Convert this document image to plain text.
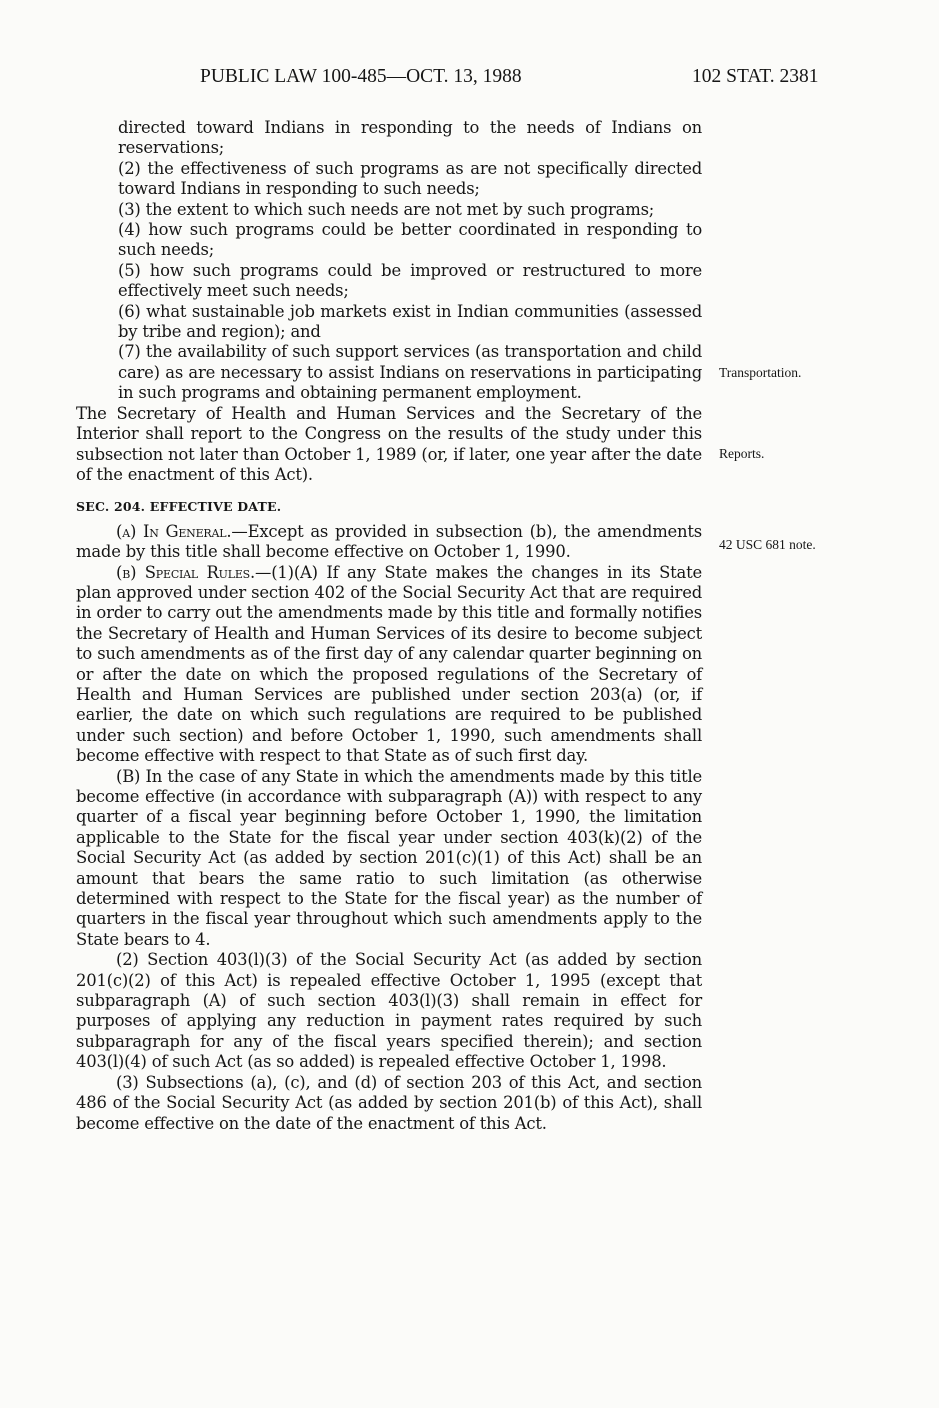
PUBLIC LAW 100-485—OCT. 13, 1988	102 STAT. 2381

directed toward Indians in responding to the needs of Indians on reservations;

(2) the effectiveness of such programs as are not specifically directed toward Indians in responding to such needs;

(3) the extent to which such needs are not met by such programs;

(4) how such programs could be better coordinated in responding to such needs;

(5) how such programs could be improved or restructured to more effectively meet such needs;

(6) what sustainable job markets exist in Indian communities (assessed by tribe and region); and

(7) the availability of such support services (as transportation and child care) as are necessary to assist Indians on reservations in participating in such programs and obtaining permanent employment.

The Secretary of Health and Human Services and the Secretary of the Interior shall report to the Congress on the results of the study under this subsection not later than October 1, 1989 (or, if later, one year after the date of the enactment of this Act).

SEC. 204. EFFECTIVE DATE.

(a) In General.—Except as provided in subsection (b), the amendments made by this title shall become effective on October 1, 1990.

(b) Special Rules.—(1)(A) If any State makes the changes in its State plan approved under section 402 of the Social Security Act that are required in order to carry out the amendments made by this title and formally notifies the Secretary of Health and Human Services of its desire to become subject to such amendments as of the first day of any calendar quarter beginning on or after the date on which the proposed regulations of the Secretary of Health and Human Services are published under section 203(a) (or, if earlier, the date on which such regulations are required to be published under such section) and before October 1, 1990, such amendments shall become effective with respect to that State as of such first day.

(B) In the case of any State in which the amendments made by this title become effective (in accordance with subparagraph (A)) with respect to any quarter of a fiscal year beginning before October 1, 1990, the limitation applicable to the State for the fiscal year under section 403(k)(2) of the Social Security Act (as added by section 201(c)(1) of this Act) shall be an amount that bears the same ratio to such limitation (as otherwise determined with respect to the State for the fiscal year) as the number of quarters in the fiscal year throughout which such amendments apply to the State bears to 4.

(2) Section 403(l)(3) of the Social Security Act (as added by section 201(c)(2) of this Act) is repealed effective October 1, 1995 (except that subparagraph (A) of such section 403(l)(3) shall remain in effect for purposes of applying any reduction in payment rates required by such subparagraph for any of the fiscal years specified therein); and section 403(l)(4) of such Act (as so added) is repealed effective October 1, 1998.

(3) Subsections (a), (c), and (d) of section 203 of this Act, and section 486 of the Social Security Act (as added by section 201(b) of this Act), shall become effective on the date of the enactment of this Act.

Transportation.
Reports.
42 USC 681 note.
